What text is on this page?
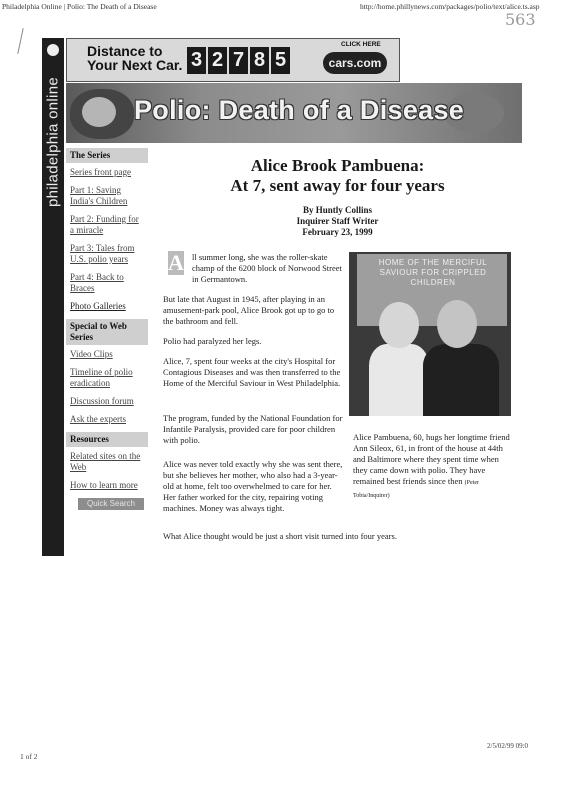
Philadelphia Online | Polio: The Death of a Disease	http://home.phillynews.com/packages/polio/text/alice.ts.asp
563
philadelphia online
Distance to
Your Next Car. 3 2 7 8 5
CLICK HERE
cars.com
Polio: Death of a Disease
The Series
Series front page
Part 1: Saving India's Children
Part 2: Funding for a miracle
Part 3: Tales from U.S. polio years
Part 4: Back to Braces
Photo Galleries
Special to Web Series
Video Clips
Timeline of polio eradication
Discussion forum
Ask the experts
Resources
Related sites on the Web
How to learn more
Quick Search
Alice Brook Pambuena:
At 7, sent away for four years
By Huntly Collins
Inquirer Staff Writer
February 23, 1999
A ll summer long, she was the roller-skate champ of the 6200 block of Norwood Street in Germantown.
But late that August in 1945, after playing in an amusement-park pool, Alice Brook got up to go to the bathroom and fell.
Polio had paralyzed her legs.
Alice, 7, spent four weeks at the city's Hospital for Contagious Diseases and was then transferred to the Home of the Merciful Saviour in West Philadelphia.
The program, funded by the National Foundation for Infantile Paralysis, provided care for poor children with polio.
Alice was never told exactly why she was sent there, but she believes her mother, who also had a 3-year-old at home, felt too overwhelmed to care for her. Her father worked for the city, repairing voting machines. Money was always tight.
What Alice thought would be just a short visit turned into four years.
HOME OF THE MERCIFUL SAVIOUR FOR CRIPPLED CHILDREN
Alice Pambuena, 60, hugs her longtime friend Ann Sileox, 61, in front of the house at 44th and Baltimore where they spent time when they came down with polio. They have remained best friends since then (Peter Tobia/Inquirer)
1 of 2
2/5/02/99 09:0
